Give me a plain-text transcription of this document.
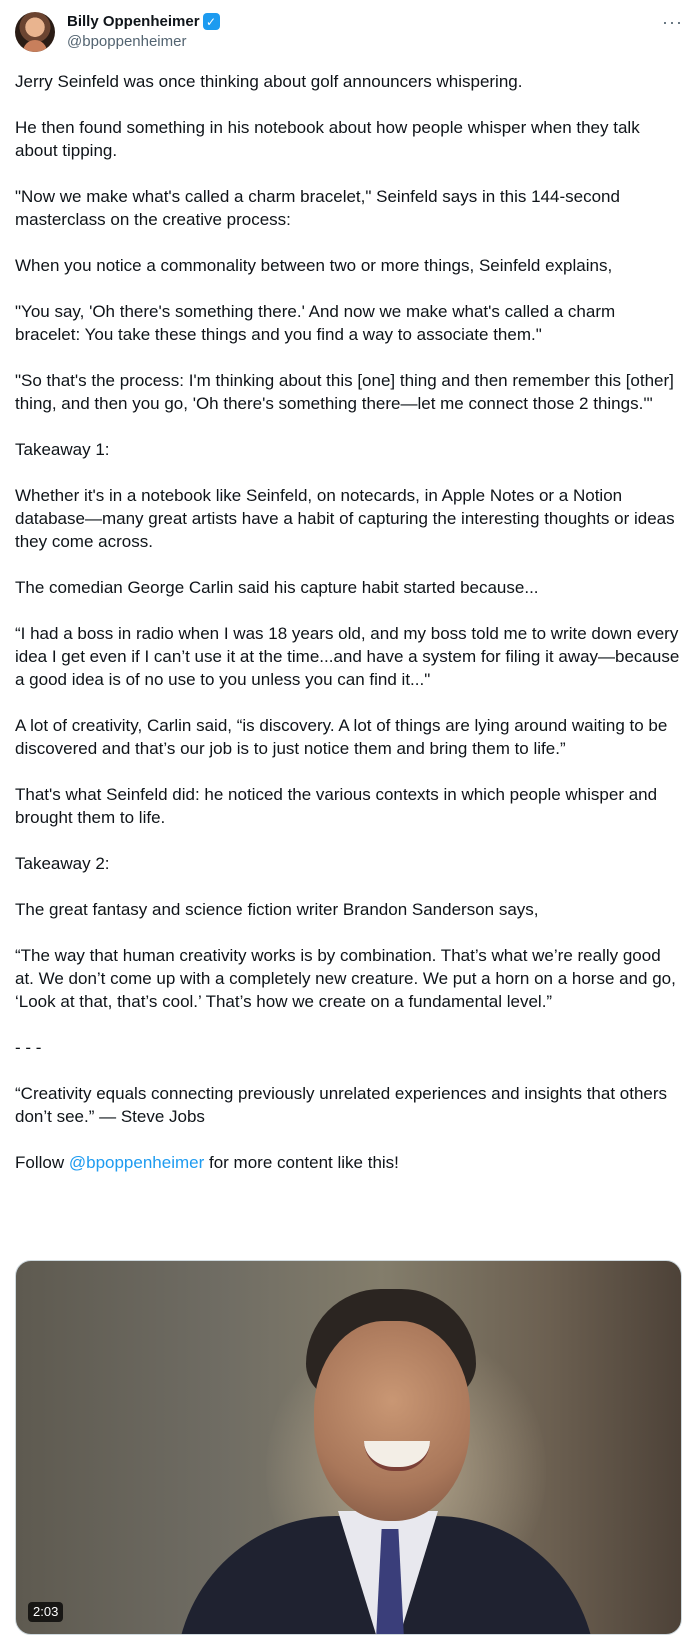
Billy Oppenheimer ✓
@bpoppenheimer
···
Jerry Seinfeld was once thinking about golf announcers whispering.

He then found something in his notebook about how people whisper when they talk about tipping.

"Now we make what's called a charm bracelet," Seinfeld says in this 144-second masterclass on the creative process:

When you notice a commonality between two or more things, Seinfeld explains,

"You say, 'Oh there's something there.' And now we make what's called a charm bracelet: You take these things and you find a way to associate them."

"So that's the process: I'm thinking about this [one] thing and then remember this [other] thing, and then you go, 'Oh there's something there—let me connect those 2 things.'"

Takeaway 1:

Whether it's in a notebook like Seinfeld, on notecards, in Apple Notes or a Notion database—many great artists have a habit of capturing the interesting thoughts or ideas they come across.

The comedian George Carlin said his capture habit started because...

“I had a boss in radio when I was 18 years old, and my boss told me to write down every idea I get even if I can’t use it at the time...and have a system for filing it away—because a good idea is of no use to you unless you can find it..."

A lot of creativity, Carlin said, “is discovery. A lot of things are lying around waiting to be discovered and that’s our job is to just notice them and bring them to life.”

That's what Seinfeld did: he noticed the various contexts in which people whisper and brought them to life.

Takeaway 2:

The great fantasy and science fiction writer Brandon Sanderson says,

“The way that human creativity works is by combination. That’s what we’re really good at. We don’t come up with a completely new creature. We put a horn on a horse and go, ‘Look at that, that’s cool.’ That’s how we create on a fundamental level.”

- - -

“Creativity equals connecting previously unrelated experiences and insights that others don’t see.” — Steve Jobs

Follow @bpoppenheimer for more content like this!
2:03
